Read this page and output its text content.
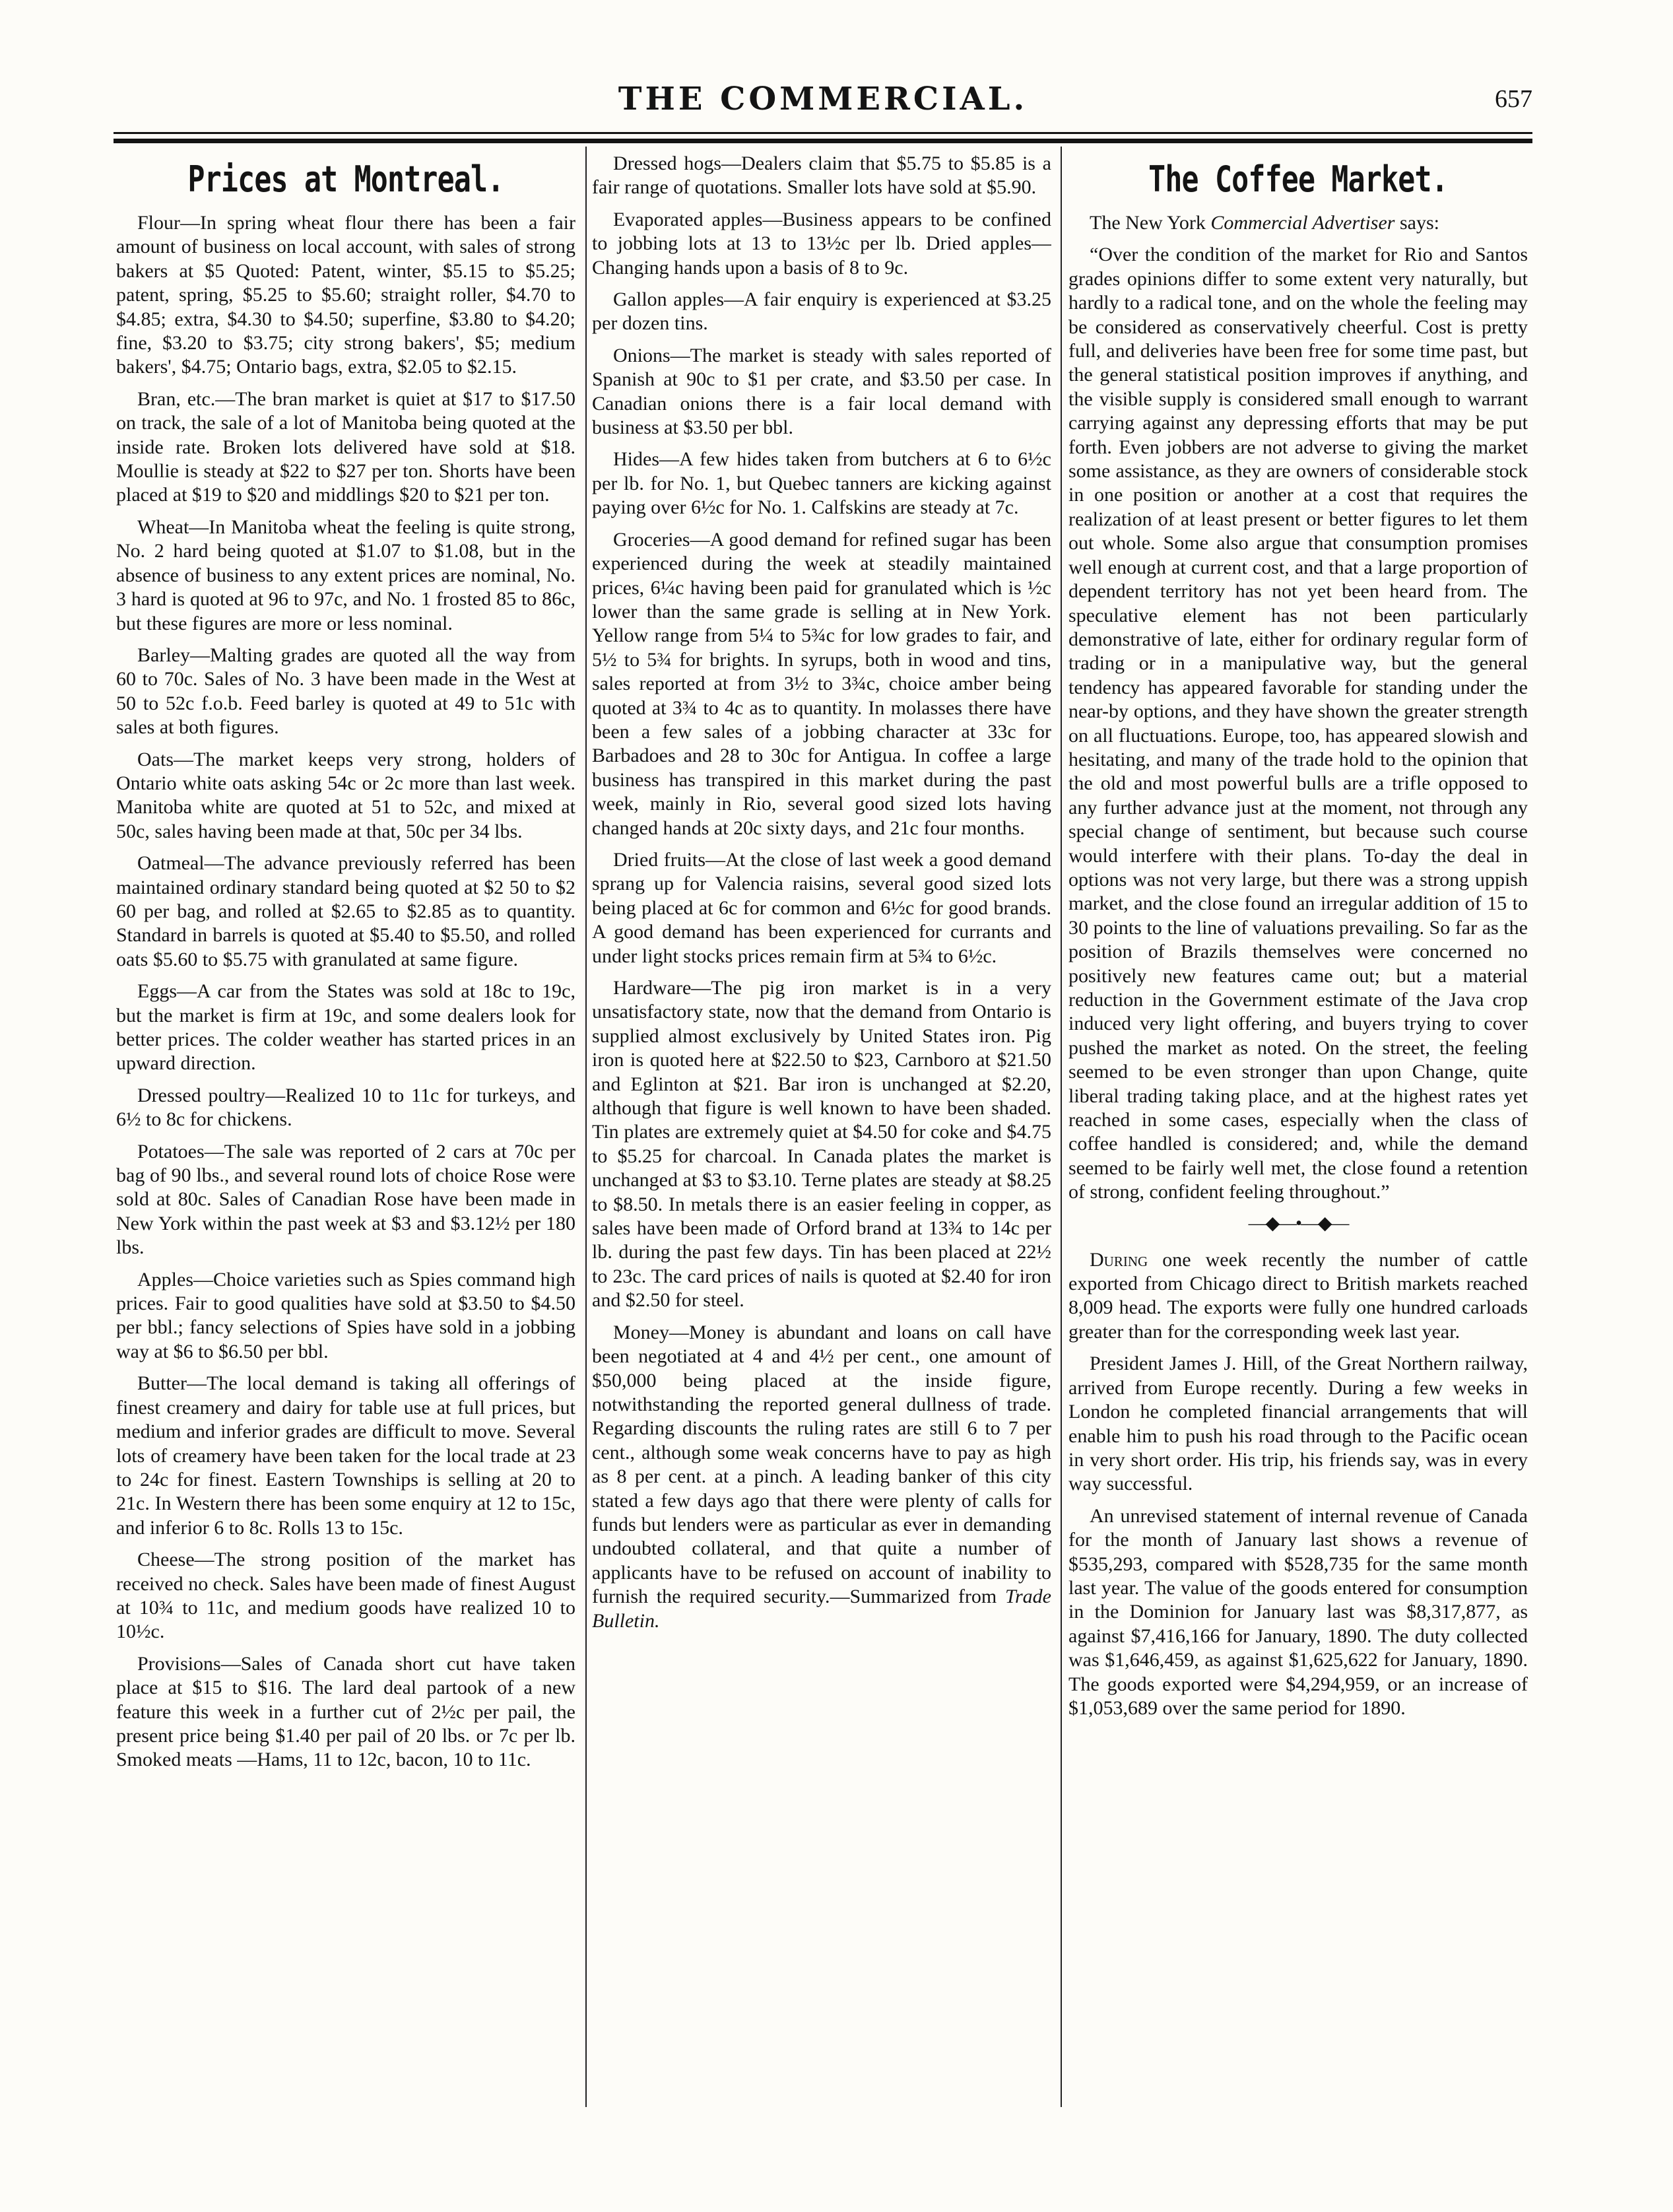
THE COMMERCIAL.	657
Prices at Montreal.

Flour—In spring wheat flour there has been a fair amount of business on local account, with sales of strong bakers at $5 Quoted: Patent, winter, $5.15 to $5.25; patent, spring, $5.25 to $5.60; straight roller, $4.70 to $4.85; extra, $4.30 to $4.50; superfine, $3.80 to $4.20; fine, $3.20 to $3.75; city strong bakers', $5; medium bakers', $4.75; Ontario bags, extra, $2.05 to $2.15.

Bran, etc.—The bran market is quiet at $17 to $17.50 on track, the sale of a lot of Manitoba being quoted at the inside rate. Broken lots delivered have sold at $18. Moullie is steady at $22 to $27 per ton. Shorts have been placed at $19 to $20 and middlings $20 to $21 per ton.

Wheat—In Manitoba wheat the feeling is quite strong, No. 2 hard being quoted at $1.07 to $1.08, but in the absence of business to any extent prices are nominal, No. 3 hard is quoted at 96 to 97c, and No. 1 frosted 85 to 86c, but these figures are more or less nominal.

Barley—Malting grades are quoted all the way from 60 to 70c. Sales of No. 3 have been made in the West at 50 to 52c f.o.b. Feed barley is quoted at 49 to 51c with sales at both figures.

Oats—The market keeps very strong, holders of Ontario white oats asking 54c or 2c more than last week. Manitoba white are quoted at 51 to 52c, and mixed at 50c, sales having been made at that, 50c per 34 lbs.

Oatmeal—The advance previously referred has been maintained ordinary standard being quoted at $2 50 to $2 60 per bag, and rolled at $2.65 to $2.85 as to quantity. Standard in barrels is quoted at $5.40 to $5.50, and rolled oats $5.60 to $5.75 with granulated at same figure.

Eggs—A car from the States was sold at 18c to 19c, but the market is firm at 19c, and some dealers look for better prices. The colder weather has started prices in an upward direction.

Dressed poultry—Realized 10 to 11c for turkeys, and 6½ to 8c for chickens.

Potatoes—The sale was reported of 2 cars at 70c per bag of 90 lbs., and several round lots of choice Rose were sold at 80c. Sales of Canadian Rose have been made in New York within the past week at $3 and $3.12½ per 180 lbs.

Apples—Choice varieties such as Spies command high prices. Fair to good qualities have sold at $3.50 to $4.50 per bbl.; fancy selections of Spies have sold in a jobbing way at $6 to $6.50 per bbl.

Butter—The local demand is taking all offerings of finest creamery and dairy for table use at full prices, but medium and inferior grades are difficult to move. Several lots of creamery have been taken for the local trade at 23 to 24c for finest. Eastern Townships is selling at 20 to 21c. In Western there has been some enquiry at 12 to 15c, and inferior 6 to 8c. Rolls 13 to 15c.

Cheese—The strong position of the market has received no check. Sales have been made of finest August at 10¾ to 11c, and medium goods have realized 10 to 10½c.

Provisions—Sales of Canada short cut have taken place at $15 to $16. The lard deal partook of a new feature this week in a further cut of 2½c per pail, the present price being $1.40 per pail of 20 lbs. or 7c per lb. Smoked meats —Hams, 11 to 12c, bacon, 10 to 11c.

Dressed hogs—Dealers claim that $5.75 to $5.85 is a fair range of quotations. Smaller lots have sold at $5.90.

Evaporated apples—Business appears to be confined to jobbing lots at 13 to 13½c per lb. Dried apples—Changing hands upon a basis of 8 to 9c.

Gallon apples—A fair enquiry is experienced at $3.25 per dozen tins.

Onions—The market is steady with sales reported of Spanish at 90c to $1 per crate, and $3.50 per case. In Canadian onions there is a fair local demand with business at $3.50 per bbl.

Hides—A few hides taken from butchers at 6 to 6½c per lb. for No. 1, but Quebec tanners are kicking against paying over 6½c for No. 1. Calfskins are steady at 7c.

Groceries—A good demand for refined sugar has been experienced during the week at steadily maintained prices, 6¼c having been paid for granulated which is ½c lower than the same grade is selling at in New York. Yellow range from 5¼ to 5¾c for low grades to fair, and 5½ to 5¾ for brights. In syrups, both in wood and tins, sales reported at from 3½ to 3¾c, choice amber being quoted at 3¾ to 4c as to quantity. In molasses there have been a few sales of a jobbing character at 33c for Barbadoes and 28 to 30c for Antigua. In coffee a large business has transpired in this market during the past week, mainly in Rio, several good sized lots having changed hands at 20c sixty days, and 21c four months.

Dried fruits—At the close of last week a good demand sprang up for Valencia raisins, several good sized lots being placed at 6c for common and 6½c for good brands. A good demand has been experienced for currants and under light stocks prices remain firm at 5¾ to 6½c.

Hardware—The pig iron market is in a very unsatisfactory state, now that the demand from Ontario is supplied almost exclusively by United States iron. Pig iron is quoted here at $22.50 to $23, Carnboro at $21.50 and Eglinton at $21. Bar iron is unchanged at $2.20, although that figure is well known to have been shaded. Tin plates are extremely quiet at $4.50 for coke and $4.75 to $5.25 for charcoal. In Canada plates the market is unchanged at $3 to $3.10. Terne plates are steady at $8.25 to $8.50. In metals there is an easier feeling in copper, as sales have been made of Orford brand at 13¾ to 14c per lb. during the past few days. Tin has been placed at 22½ to 23c. The card prices of nails is quoted at $2.40 for iron and $2.50 for steel.

Money—Money is abundant and loans on call have been negotiated at 4 and 4½ per cent., one amount of $50,000 being placed at the inside figure, notwithstanding the reported general dullness of trade. Regarding discounts the ruling rates are still 6 to 7 per cent., although some weak concerns have to pay as high as 8 per cent. at a pinch. A leading banker of this city stated a few days ago that there were plenty of calls for funds but lenders were as particular as ever in demanding undoubted collateral, and that quite a number of applicants have to be refused on account of inability to furnish the required security.—Summarized from Trade Bulletin.

The Coffee Market.

The New York Commercial Advertiser says:

“Over the condition of the market for Rio and Santos grades opinions differ to some extent very naturally, but hardly to a radical tone, and on the whole the feeling may be considered as conservatively cheerful. Cost is pretty full, and deliveries have been free for some time past, but the general statistical position improves if anything, and the visible supply is considered small enough to warrant carrying against any depressing efforts that may be put forth. Even jobbers are not adverse to giving the market some assistance, as they are owners of considerable stock in one position or another at a cost that requires the realization of at least present or better figures to let them out whole. Some also argue that consumption promises well enough at current cost, and that a large proportion of dependent territory has not yet been heard from. The speculative element has not been particularly demonstrative of late, either for ordinary regular form of trading or in a manipulative way, but the general tendency has appeared favorable for standing under the near-by options, and they have shown the greater strength on all fluctuations. Europe, too, has appeared slowish and hesitating, and many of the trade hold to the opinion that the old and most powerful bulls are a trifle opposed to any further advance just at the moment, not through any special change of sentiment, but because such course would interfere with their plans. To-day the deal in options was not very large, but there was a strong uppish market, and the close found an irregular addition of 15 to 30 points to the line of valuations prevailing. So far as the position of Brazils themselves were concerned no positively new features came out; but a material reduction in the Government estimate of the Java crop induced very light offering, and buyers trying to cover pushed the market as noted. On the street, the feeling seemed to be even stronger than upon Change, quite liberal trading taking place, and at the highest rates yet reached in some cases, especially when the class of coffee handled is considered; and, while the demand seemed to be fairly well met, the close found a retention of strong, confident feeling throughout.”

—◆—•—◆—

During one week recently the number of cattle exported from Chicago direct to British markets reached 8,009 head. The exports were fully one hundred carloads greater than for the corresponding week last year.

President James J. Hill, of the Great Northern railway, arrived from Europe recently. During a few weeks in London he completed financial arrangements that will enable him to push his road through to the Pacific ocean in very short order. His trip, his friends say, was in every way successful.

An unrevised statement of internal revenue of Canada for the month of January last shows a revenue of $535,293, compared with $528,735 for the same month last year. The value of the goods entered for consumption in the Dominion for January last was $8,317,877, as against $7,416,166 for January, 1890. The duty collected was $1,646,459, as against $1,625,622 for January, 1890. The goods exported were $4,294,959, or an increase of $1,053,689 over the same period for 1890.
